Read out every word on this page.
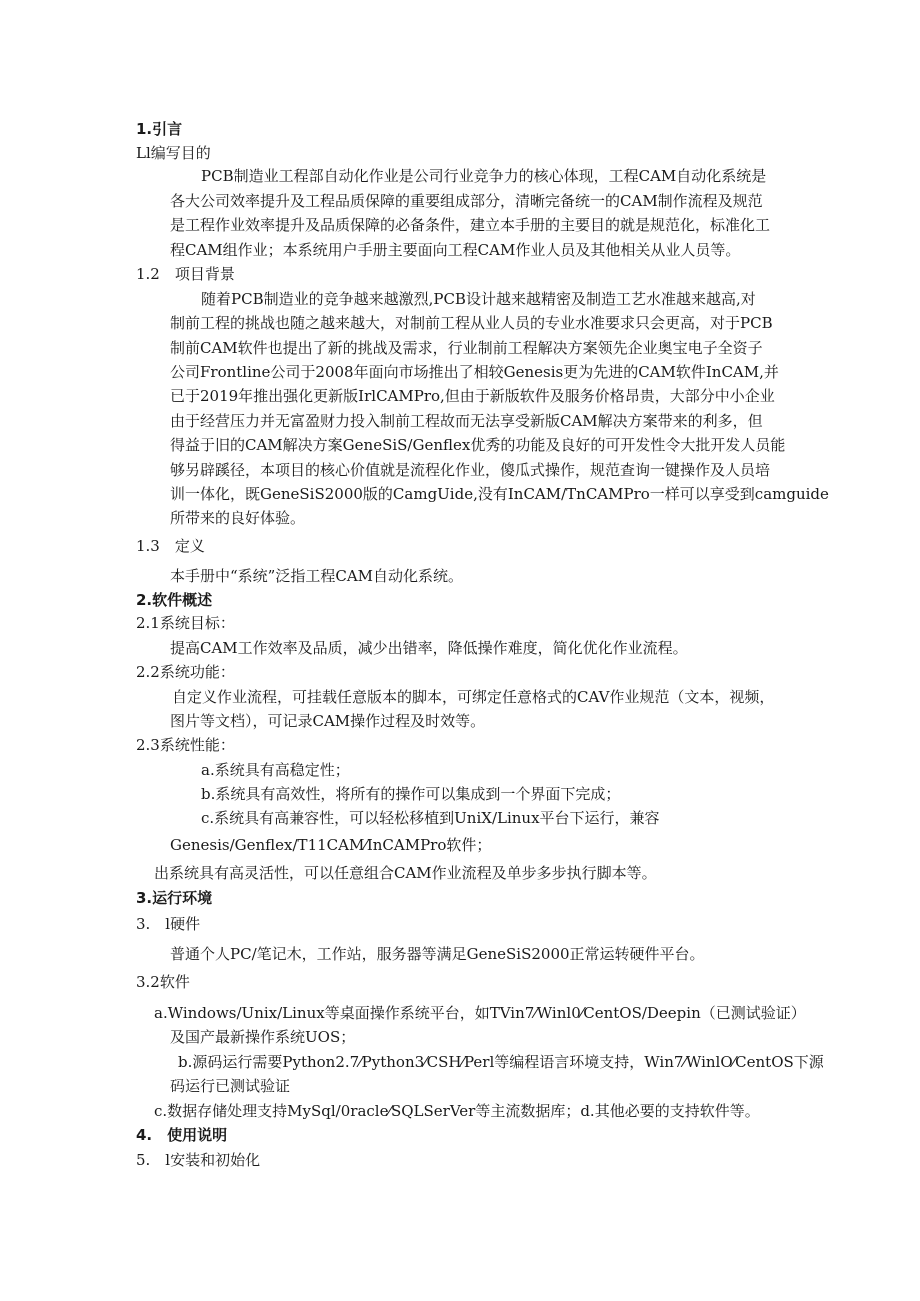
1.引言
Ll编写目的
PCB制造业工程部自动化作业是公司行业竞争力的核心体现，工程CAM自动化系统是
各大公司效率提升及工程品质保障的重要组成部分，清晰完备统一的CAM制作流程及规范
是工程作业效率提升及品质保障的必备条件，建立本手册的主要目的就是规范化，标准化工
程CAM组作业；本系统用户手册主要面向工程CAM作业人员及其他相关从业人员等。
1.2　项目背景
随着PCB制造业的竞争越来越激烈,PCB设计越来越精密及制造工艺水准越来越高,对
制前工程的挑战也随之越来越大，对制前工程从业人员的专业水准要求只会更高，对于PCB
制前CAM软件也提出了新的挑战及需求，行业制前工程解决方案领先企业奥宝电子全资子
公司Frontline公司于2008年面向市场推出了相较Genesis更为先进的CAM软件InCAM,并
已于2019年推出强化更新版IrlCAMPro,但由于新版软件及服务价格昂贵，大部分中小企业
由于经营压力并无富盈财力投入制前工程故而无法享受新版CAM解决方案带来的利多，但
得益于旧的CAM解决方案GeneSiS/Genflex优秀的功能及良好的可开发性令大批开发人员能
够另辟蹊径，本项目的核心价值就是流程化作业，傻瓜式操作，规范查询一键操作及人员培
训一体化，既GeneSiS2000版的CamgUide,没有InCAM/TnCAMPro一样可以享受到camguide
所带来的良好体验。
1.3　定义
本手册中“系统”泛指工程CAM自动化系统。
2.软件概述
2.1系统目标：
提高CAM工作效率及品质，减少出错率，降低操作难度，简化优化作业流程。
2.2系统功能：
自定义作业流程，可挂载任意版本的脚本，可绑定任意格式的CAV作业规范（文本，视频，
图片等文档），可记录CAM操作过程及时效等。
2.3系统性能：
a.系统具有高稳定性；
b.系统具有高效性，将所有的操作可以集成到一个界面下完成；
c.系统具有高兼容性，可以轻松移植到UniX/Linux平台下运行，兼容
Genesis/Genflex/T11CAM⁄InCAMPro软件；
出系统具有高灵活性，可以任意组合CAM作业流程及单步多步执行脚本等。
3.运行环境
3.　l硬件
普通个人PC/笔记木，工作站，服务器等满足GeneSiS2000正常运转硬件平台。
3.2软件
a.Windows/Unix/Linux等桌面操作系统平台，如TVin7⁄Winl0⁄CentOS/Deepin（已测试验证）
及国产最新操作系统UOS；
b.源码运行需要Python2.7⁄Python3⁄CSH⁄Perl等编程语言环境支持，Win7⁄WinlO⁄CentOS下源
码运行已测试验证
c.数据存储处理支持MySql/0racle⁄SQLSerVer等主流数据库；d.其他必要的支持软件等。
4.　使用说明
5.　l安装和初始化
